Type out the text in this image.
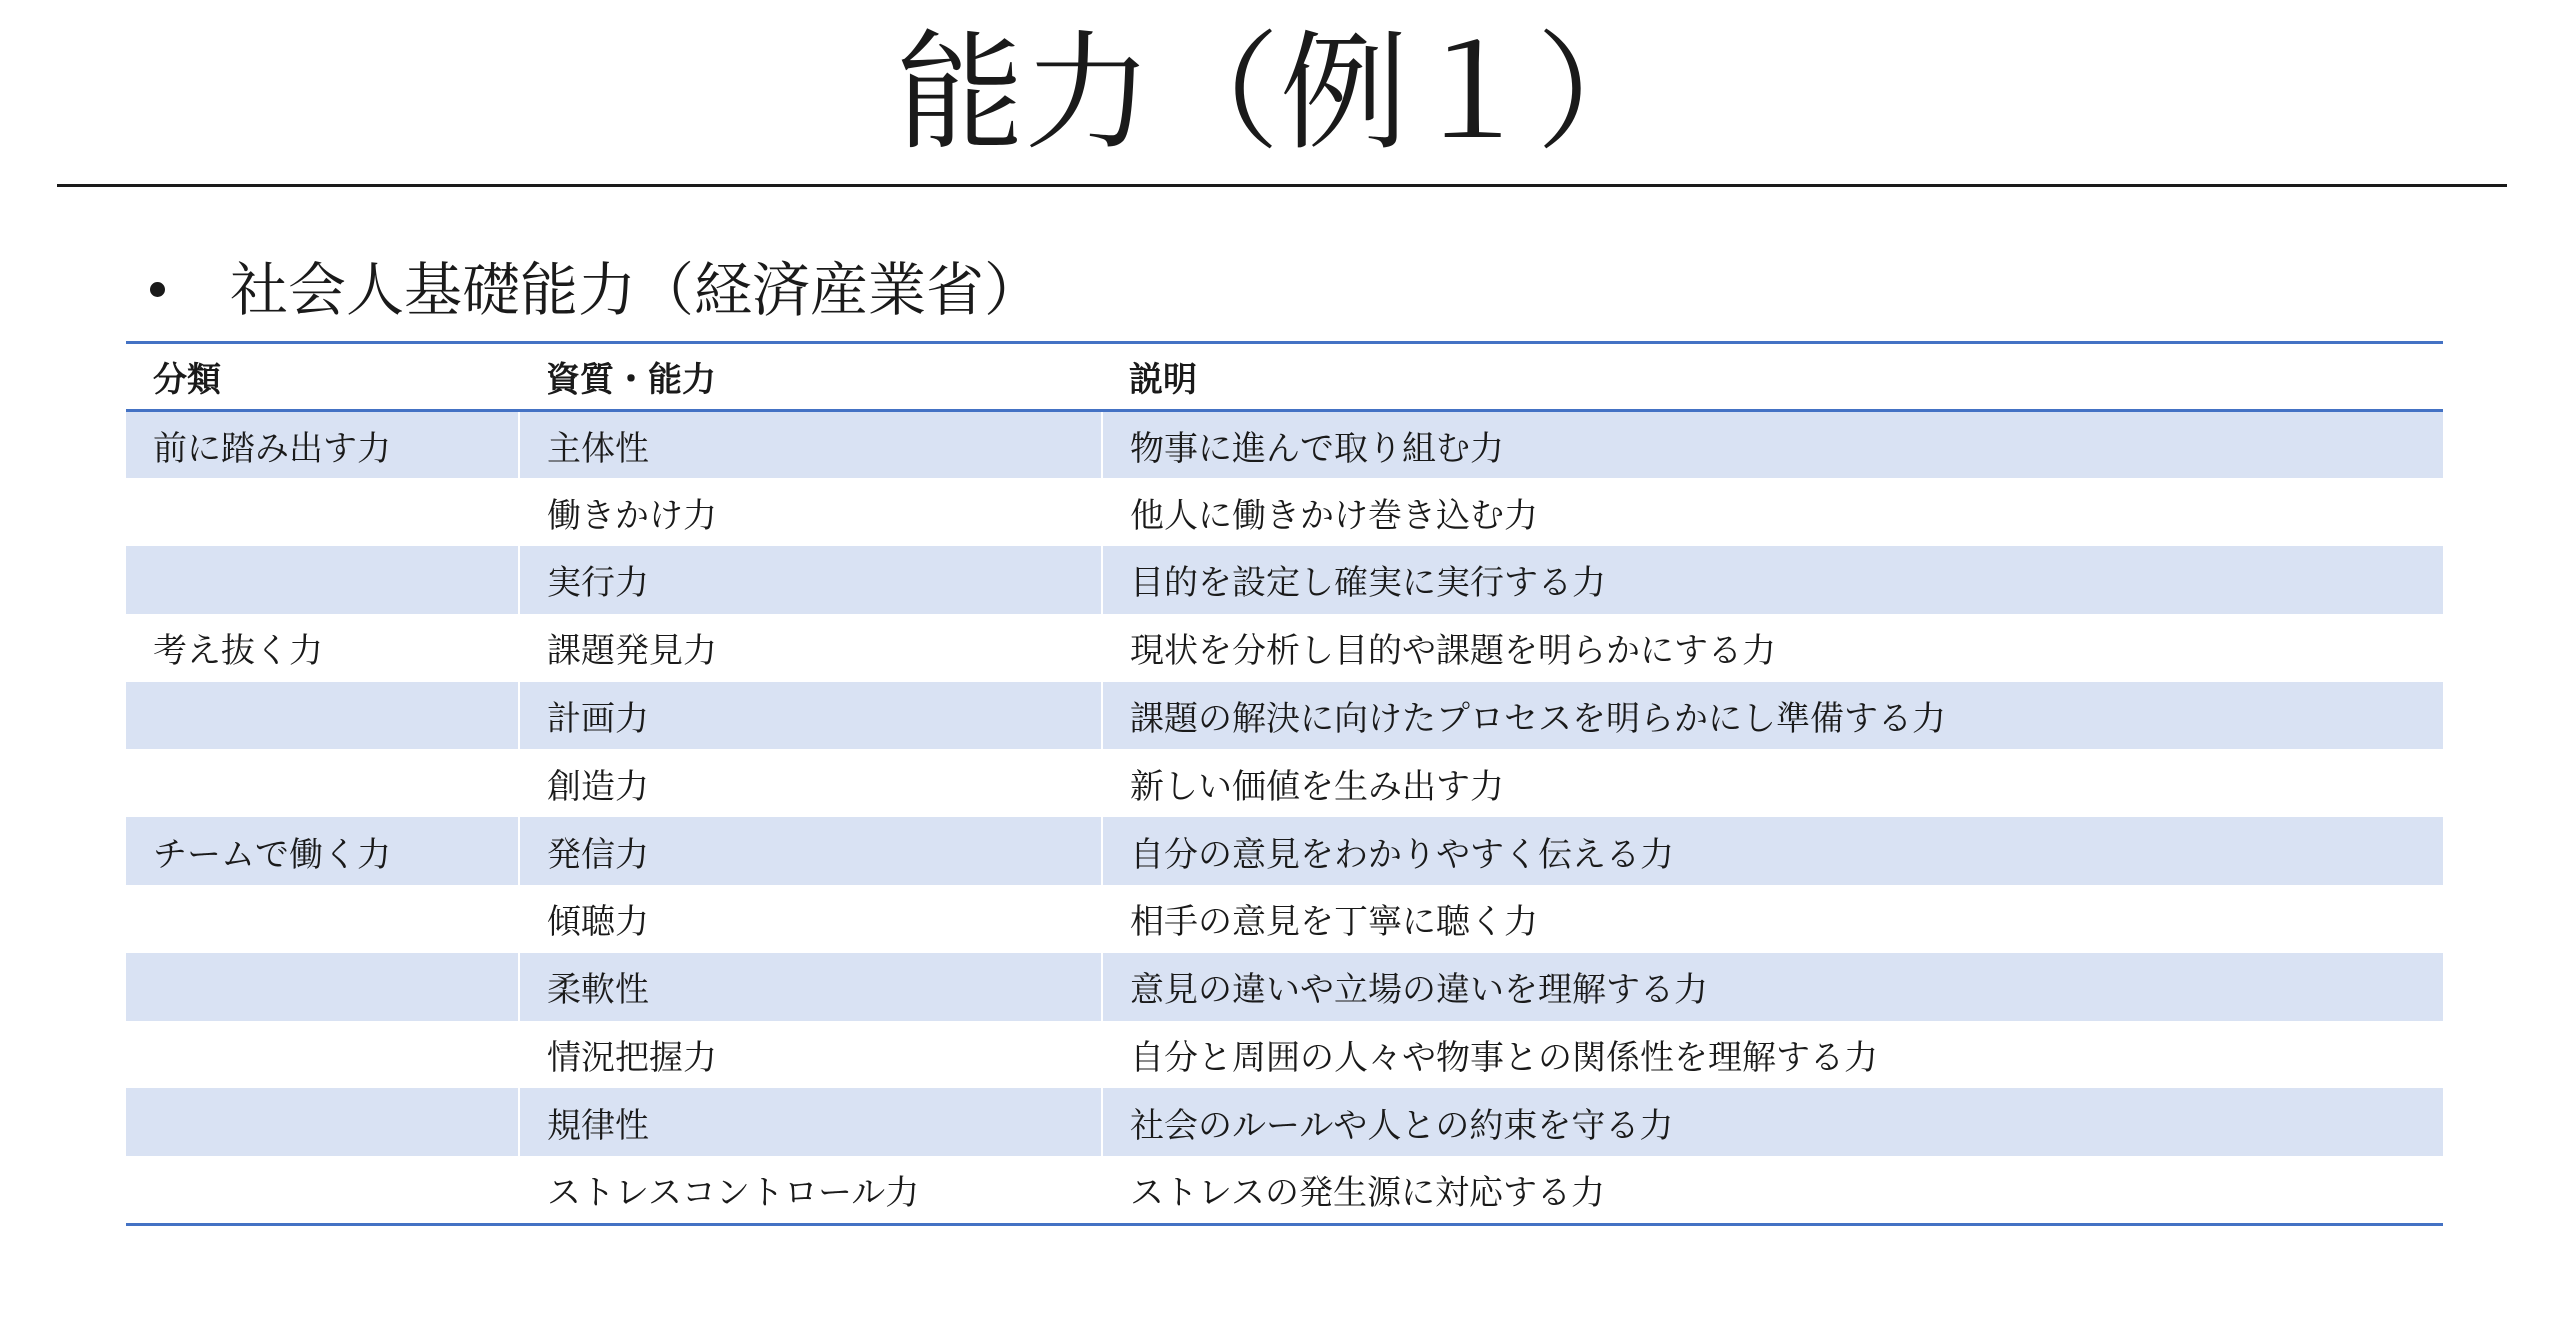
能力（例１）
社会人基礎能力（経済産業省）
分類	資質・能力	説明
前に踏み出す力	主体性	物事に進んで取り組む力
	働きかけ力	他人に働きかけ巻き込む力
	実行力	目的を設定し確実に実行する力
考え抜く力	課題発見力	現状を分析し目的や課題を明らかにする力
	計画力	課題の解決に向けたプロセスを明らかにし準備する力
	創造力	新しい価値を生み出す力
チームで働く力	発信力	自分の意見をわかりやすく伝える力
	傾聴力	相手の意見を丁寧に聴く力
	柔軟性	意見の違いや立場の違いを理解する力
	情況把握力	自分と周囲の人々や物事との関係性を理解する力
	規律性	社会のルールや人との約束を守る力
	ストレスコントロール力	ストレスの発生源に対応する力
